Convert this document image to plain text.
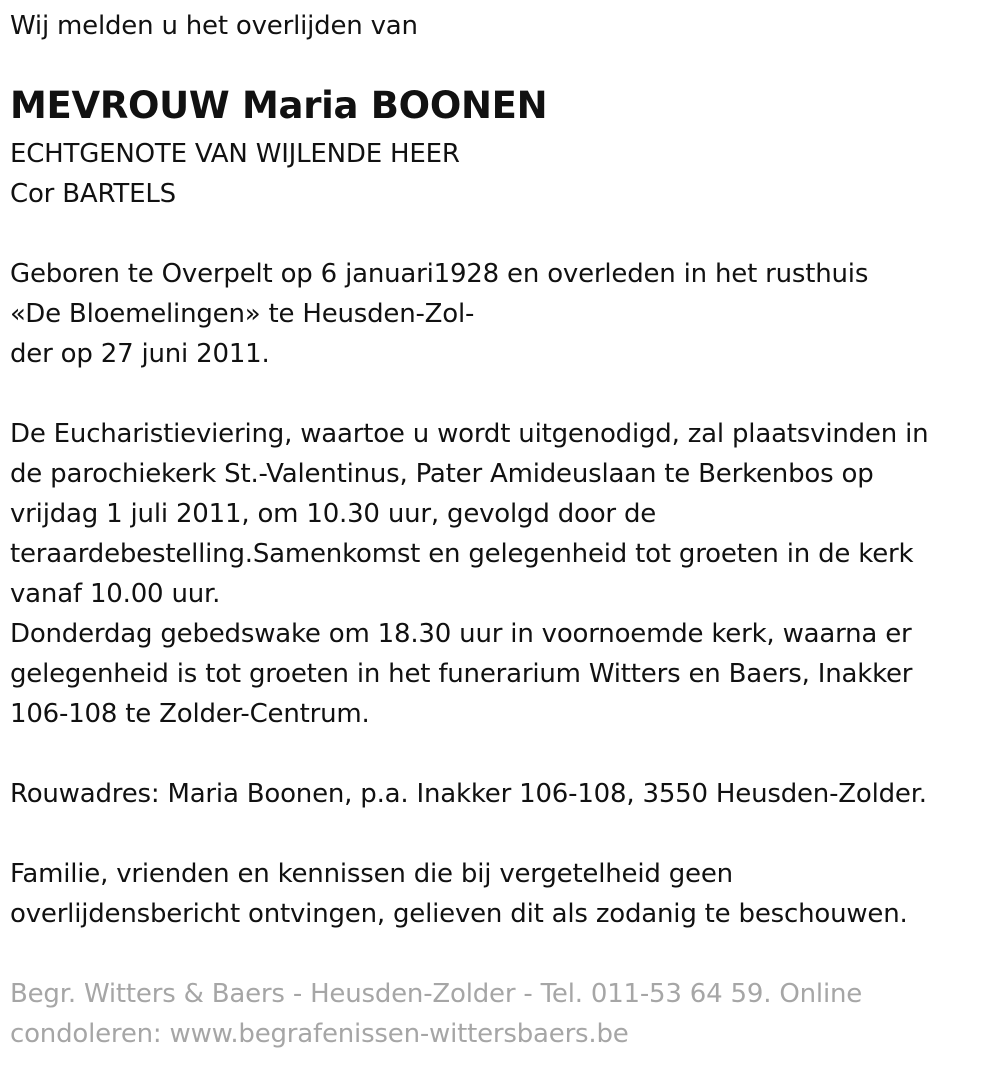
Wij melden u het overlijden van
MEVROUW Maria BOONEN
ECHTGENOTE VAN WIJLENDE HEER
Cor BARTELS
Geboren te Overpelt op 6 januari1928 en overleden in het rusthuis
«De Bloemelingen» te Heusden-Zol-
der op 27 juni 2011.
De Eucharistieviering, waartoe u wordt uitgenodigd, zal plaatsvinden in
de parochiekerk St.-Valentinus, Pater Amideuslaan te Berkenbos op
vrijdag 1 juli 2011, om 10.30 uur, gevolgd door de
teraardebestelling.Samenkomst en gelegenheid tot groeten in de kerk
vanaf 10.00 uur.
Donderdag gebedswake om 18.30 uur in voornoemde kerk, waarna er
gelegenheid is tot groeten in het funerarium Witters en Baers, Inakker
106-108 te Zolder-Centrum.
Rouwadres: Maria Boonen, p.a. Inakker 106-108, 3550 Heusden-Zolder.
Familie, vrienden en kennissen die bij vergetelheid geen
overlijdensbericht ontvingen, gelieven dit als zodanig te beschouwen.
Begr. Witters & Baers - Heusden-Zolder - Tel. 011-53 64 59. Online
condoleren: www.begrafenissen-wittersbaers.be
